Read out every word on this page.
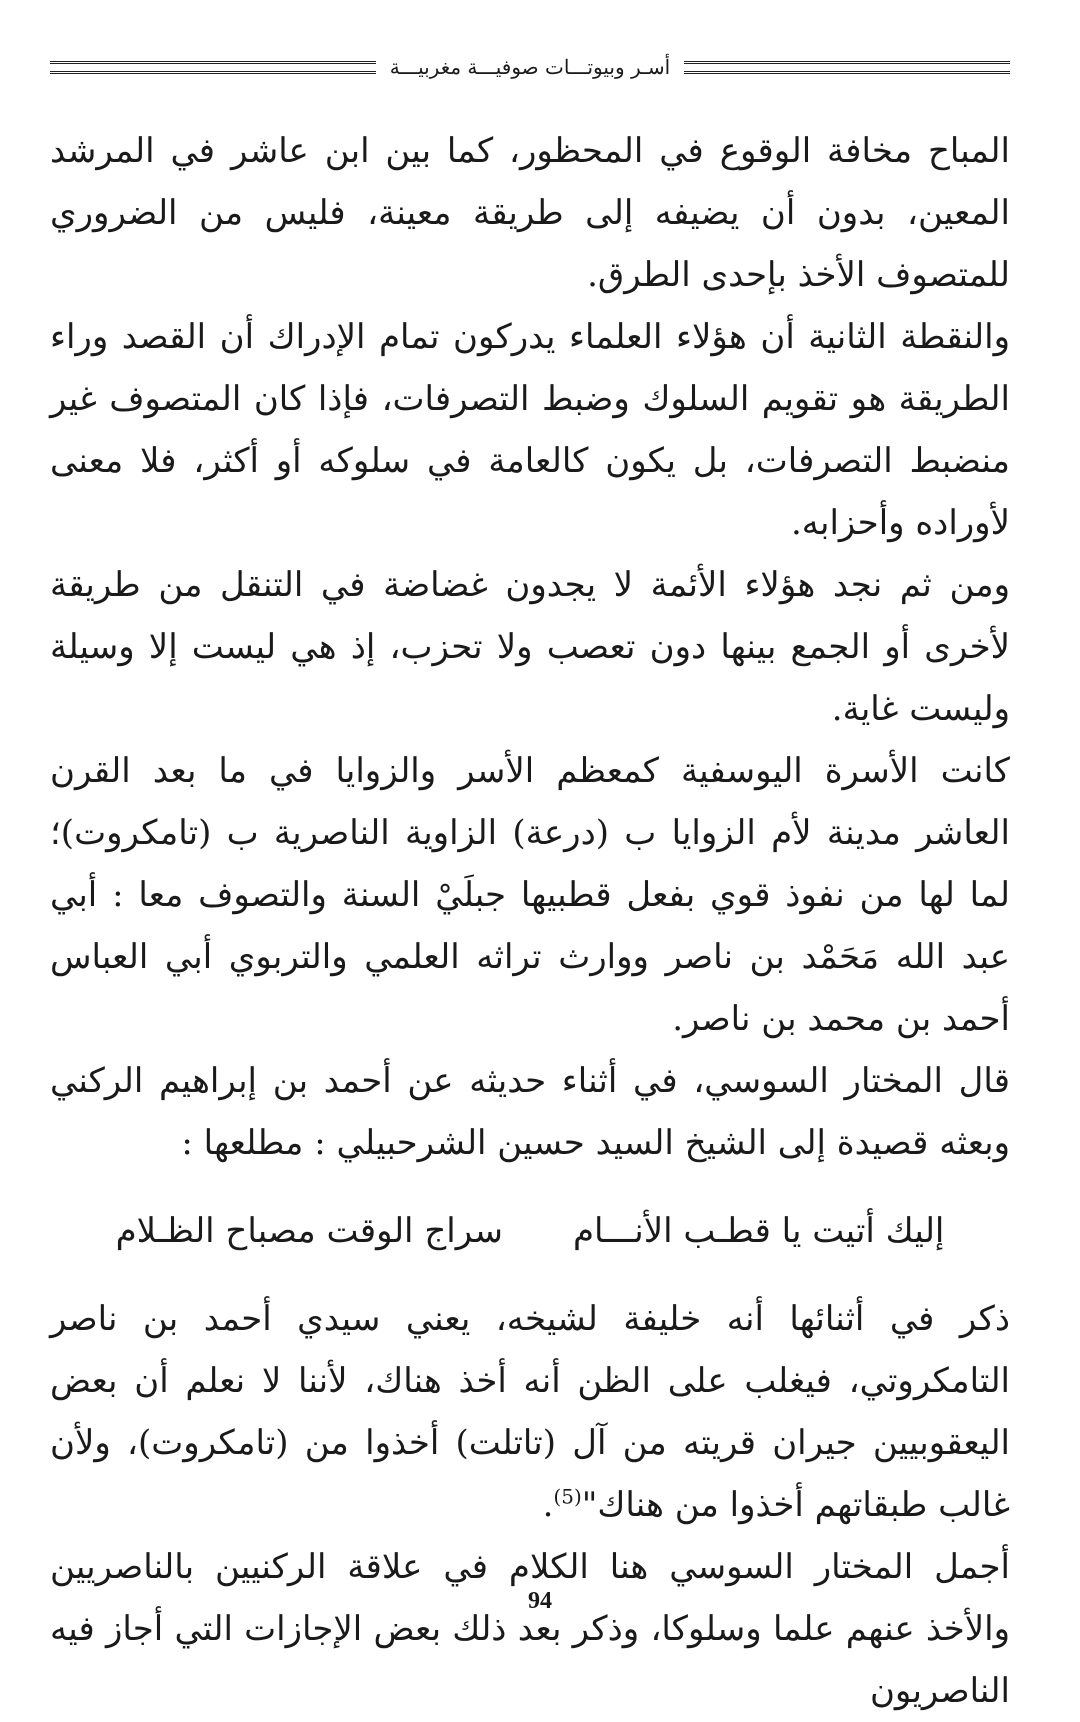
أسـر وبيوتـــات صوفيـــة مغربيـــة

المباح مخافة الوقوع في المحظور، كما بين ابن عاشر في المرشد المعين، بدون أن يضيفه إلى طريقة معينة، فليس من الضروري للمتصوف الأخذ بإحدى الطرق.

والنقطة الثانية أن هؤلاء العلماء يدركون تمام الإدراك أن القصد وراء الطريقة هو تقويم السلوك وضبط التصرفات، فإذا كان المتصوف غير منضبط التصرفات، بل يكون كالعامة في سلوكه أو أكثر، فلا معنى لأوراده وأحزابه.

ومن ثم نجد هؤلاء الأئمة لا يجدون غضاضة في التنقل من طريقة لأخرى أو الجمع بينها دون تعصب ولا تحزب، إذ هي ليست إلا وسيلة وليست غاية.

كانت الأسرة اليوسفية كمعظم الأسر والزوايا في ما بعد القرن العاشر مدينة لأم الزوايا ب (درعة) الزاوية الناصرية ب (تامكروت)؛ لما لها من نفوذ قوي بفعل قطبيها جبلَيْ السنة والتصوف معا : أبي عبد الله مَحَمْد بن ناصر ووارث تراثه العلمي والتربوي أبي العباس أحمد بن محمد بن ناصر.

قال المختار السوسي، في أثناء حديثه عن أحمد بن إبراهيم الركني وبعثه قصيدة إلى الشيخ السيد حسين الشرحبيلي : مطلعها :

إليك أتيت يا قطـب الأنـــام
سراج الوقت مصباح الظـلام

ذكر في أثنائها أنه خليفة لشيخه، يعني سيدي أحمد بن ناصر التامكروتي، فيغلب على الظن أنه أخذ هناك، لأننا لا نعلم أن بعض اليعقوبيين جيران قريته من آل (تاتلت) أخذوا من (تامكروت)، ولأن غالب طبقاتهم أخذوا من هناك"$^{(5)}$.

أجمل المختار السوسي هنا الكلام في علاقة الركنيين بالناصريين والأخذ عنهم علما وسلوكا، وذكر بعد ذلك بعض الإجازات التي أجاز فيه الناصريون

94
